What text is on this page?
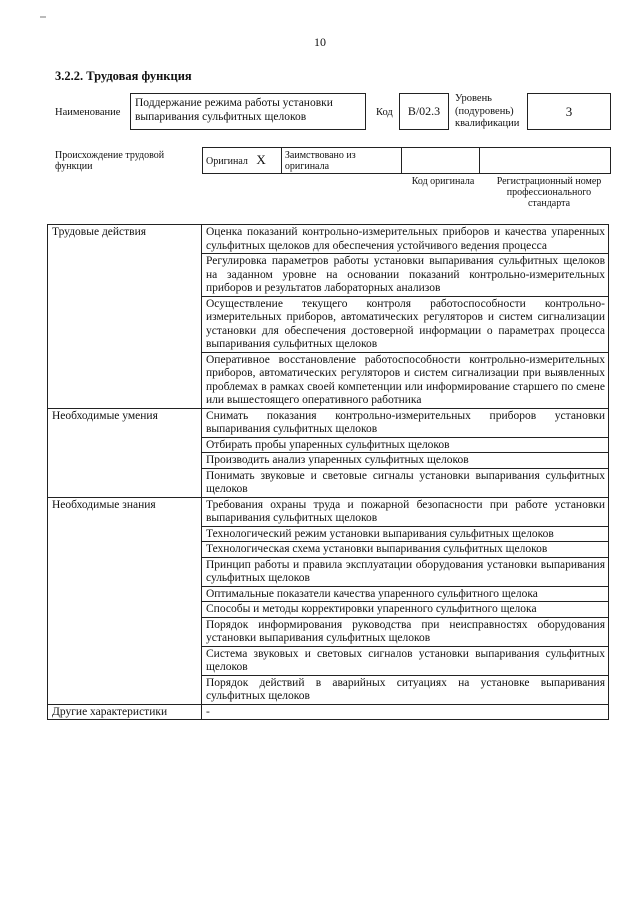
10
3.2.2. Трудовая функция
Наименование
Поддержание режима работы установки выпаривания сульфитных щелоков	Код	В/02.3
Уровень (подуровень) квалификации
3
Происхождение трудовой функции	Оригинал X	Заимствовано из оригинала		
Код оригинала	Регистрационный номер профессионального стандарта
Трудовые действия	Оценка показаний контрольно-измерительных приборов и качества упаренных сульфитных щелоков для обеспечения устойчивого ведения процесса
	Регулировка параметров работы установки выпаривания сульфитных щелоков на заданном уровне на основании показаний контрольно-измерительных приборов и результатов лабораторных анализов
	Осуществление текущего контроля работоспособности контрольно-измерительных приборов, автоматических регуляторов и систем сигнализации установки для обеспечения достоверной информации о параметрах процесса выпаривания сульфитных щелоков
	Оперативное восстановление работоспособности контрольно-измерительных приборов, автоматических регуляторов и систем сигнализации при выявленных проблемах в рамках своей компетенции или информирование старшего по смене или вышестоящего оперативного работника
Необходимые умения	Снимать показания контрольно-измерительных приборов установки выпаривания сульфитных щелоков
	Отбирать пробы упаренных сульфитных щелоков
	Производить анализ упаренных сульфитных щелоков
	Понимать звуковые и световые сигналы установки выпаривания сульфитных щелоков
Необходимые знания	Требования охраны труда и пожарной безопасности при работе установки выпаривания сульфитных щелоков
	Технологический режим установки выпаривания сульфитных щелоков
	Технологическая схема установки выпаривания сульфитных щелоков
	Принцип работы и правила эксплуатации оборудования установки выпаривания сульфитных щелоков
	Оптимальные показатели качества упаренного сульфитного щелока
	Способы и методы корректировки упаренного сульфитного щелока
	Порядок информирования руководства при неисправностях оборудования установки выпаривания сульфитных щелоков
	Система звуковых и световых сигналов установки выпаривания сульфитных щелоков
	Порядок действий в аварийных ситуациях на установке выпаривания сульфитных щелоков
Другие характеристики	-
